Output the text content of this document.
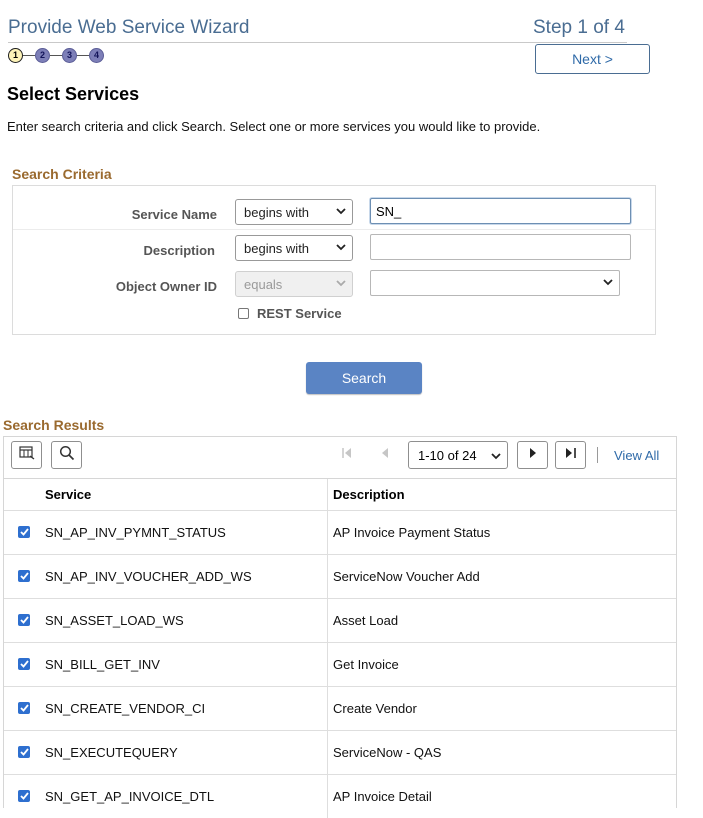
Provide Web Service Wizard	Step 1 of 4
1	2	3	4	Next >
Select Services
Enter search criteria and click Search. Select one or more services you would like to provide.
Search Criteria
Service Name begins with	SN_
Description begins with
Object Owner ID equals
REST Service
Search
Search Results
1-10 of 24	View All
Service	Description
SN_AP_INV_PYMNT_STATUS	AP Invoice Payment Status
SN_AP_INV_VOUCHER_ADD_WS	ServiceNow Voucher Add
SN_ASSET_LOAD_WS	Asset Load
SN_BILL_GET_INV	Get Invoice
SN_CREATE_VENDOR_CI	Create Vendor
SN_EXECUTEQUERY	ServiceNow - QAS
SN_GET_AP_INVOICE_DTL	AP Invoice Detail
